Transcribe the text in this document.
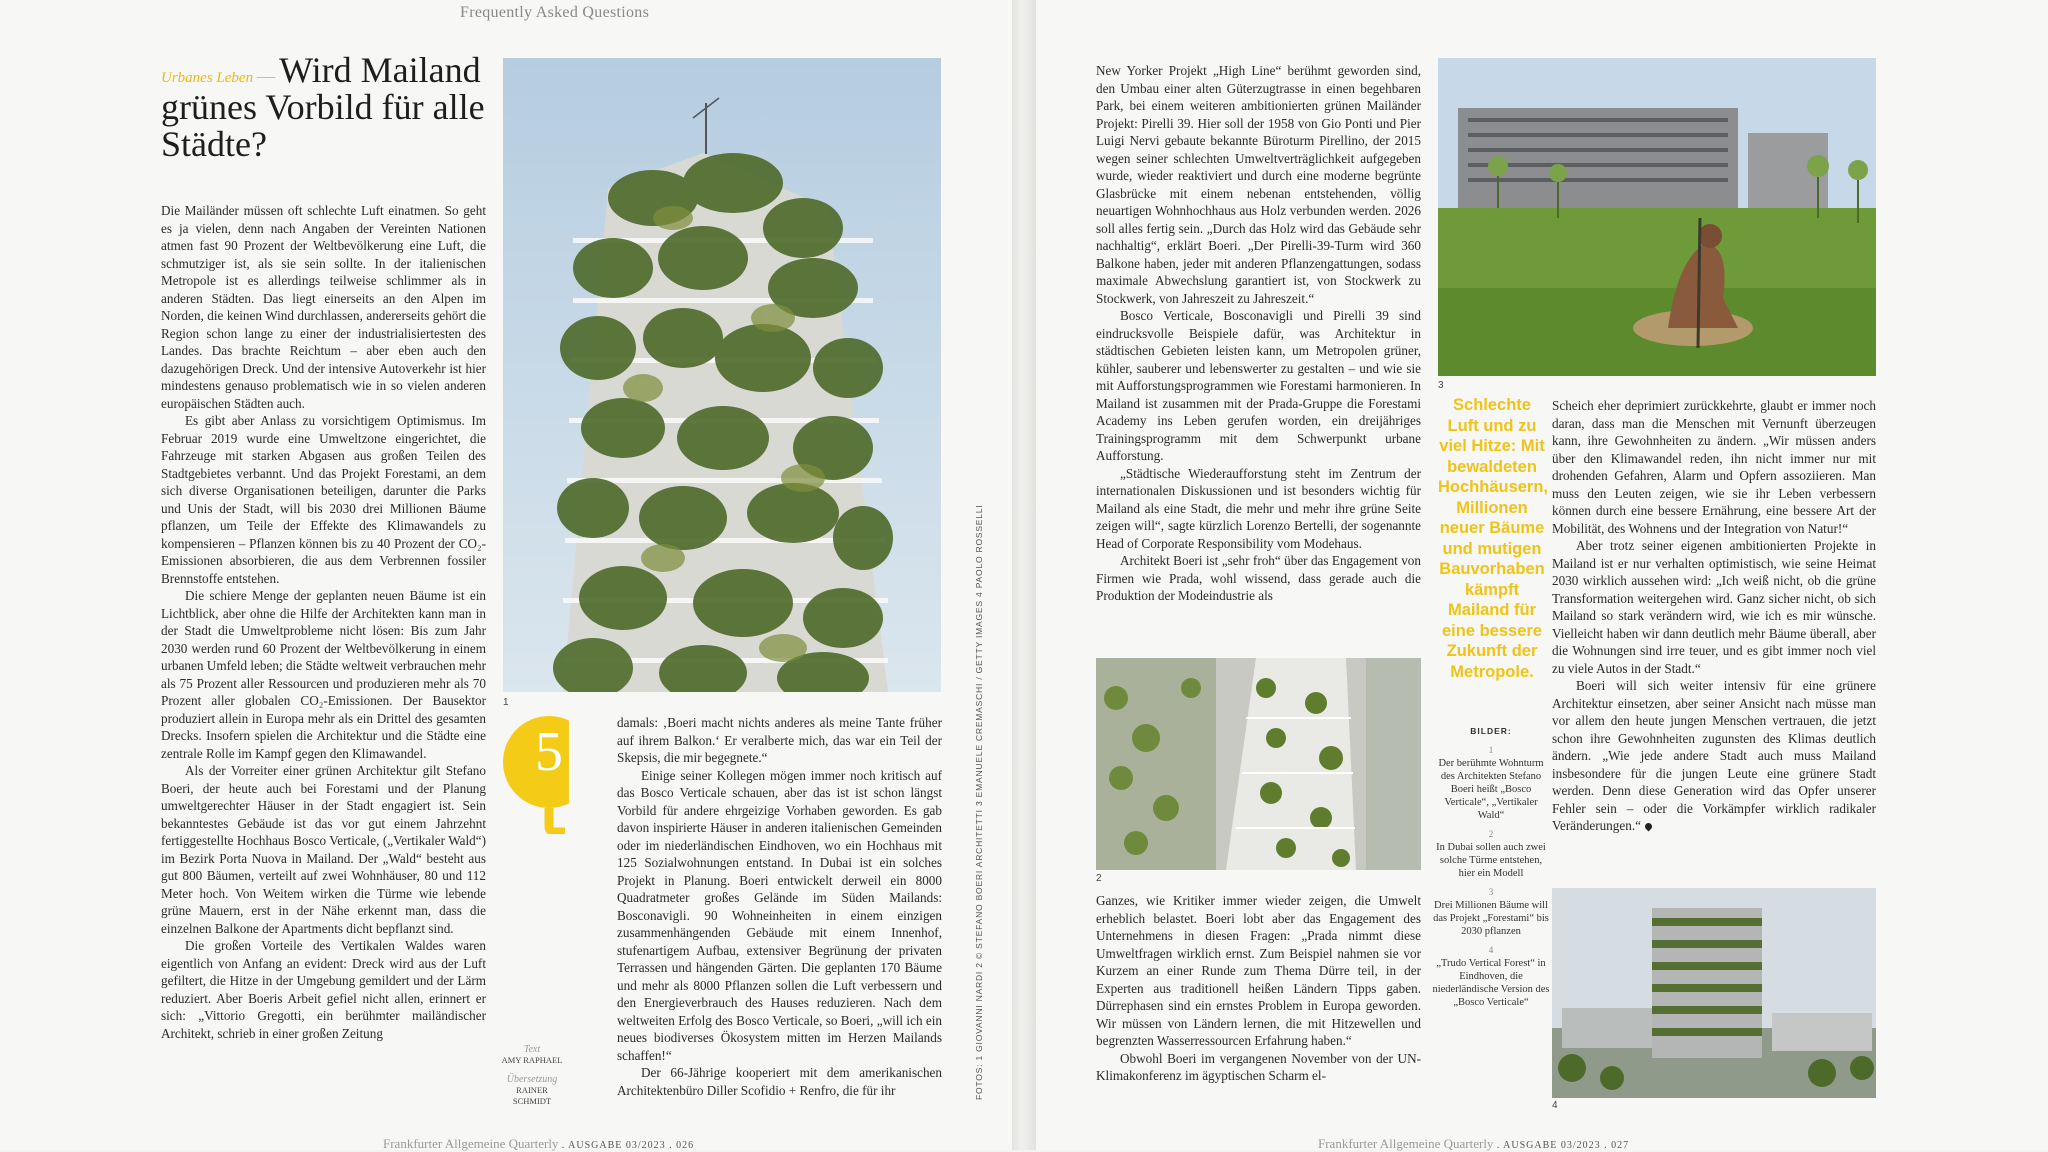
Frequently Asked Questions
Urbanes Leben — Wird Mailand grünes Vorbild für alle Städte?

Die Mailänder müssen oft schlechte Luft einatmen. So geht es ja vielen, denn nach Angaben der Vereinten Nationen atmen fast 90 Prozent der Weltbevölkerung eine Luft, die schmutziger ist, als sie sein sollte. In der italienischen Metropole ist es allerdings teilweise schlimmer als in anderen Städten. Das liegt einerseits an den Alpen im Norden, die keinen Wind durchlassen, andererseits gehört die Region schon lange zu einer der industrialisiertesten des Landes. Das brachte Reichtum – aber eben auch den dazugehörigen Dreck. Und der intensive Autoverkehr ist hier mindestens genauso problematisch wie in so vielen anderen europäischen Städten auch.

Es gibt aber Anlass zu vorsichtigem Optimismus. Im Februar 2019 wurde eine Umweltzone eingerichtet, die Fahrzeuge mit starken Abgasen aus großen Teilen des Stadtgebietes verbannt. Und das Projekt Forestami, an dem sich diverse Organisationen beteiligen, darunter die Parks und Unis der Stadt, will bis 2030 drei Millionen Bäume pflanzen, um Teile der Effekte des Klimawandels zu kompensieren – Pflanzen können bis zu 40 Prozent der CO₂-Emissionen absorbieren, die aus dem Verbrennen fossiler Brennstoffe entstehen.

Die schiere Menge der geplanten neuen Bäume ist ein Lichtblick, aber ohne die Hilfe der Architekten kann man in der Stadt die Umweltprobleme nicht lösen: Bis zum Jahr 2030 werden rund 60 Prozent der Weltbevölkerung in einem urbanen Umfeld leben; die Städte weltweit verbrauchen mehr als 75 Prozent aller Ressourcen und produzieren mehr als 70 Prozent aller globalen CO₂-Emissionen. Der Bausektor produziert allein in Europa mehr als ein Drittel des gesamten Drecks. Insofern spielen die Architektur und die Städte eine zentrale Rolle im Kampf gegen den Klimawandel.

Als der Vorreiter einer grünen Architektur gilt Stefano Boeri, der heute auch bei Forestami und der Planung umweltgerechter Häuser in der Stadt engagiert ist. Sein bekanntestes Gebäude ist das vor gut einem Jahrzehnt fertiggestellte Hochhaus Bosco Verticale, („Vertikaler Wald“) im Bezirk Porta Nuova in Mailand. Der „Wald“ besteht aus gut 800 Bäumen, verteilt auf zwei Wohnhäuser, 80 und 112 Meter hoch. Von Weitem wirken die Türme wie lebende grüne Mauern, erst in der Nähe erkennt man, dass die einzelnen Balkone der Apartments dicht bepflanzt sind.

Die großen Vorteile des Vertikalen Waldes waren eigentlich von Anfang an evident: Dreck wird aus der Luft gefiltert, die Hitze in der Umgebung gemildert und der Lärm reduziert. Aber Boeris Arbeit gefiel nicht allen, erinnert er sich: „Vittorio Gregotti, ein berühmter mailändischer Architekt, schrieb in einer großen Zeitung

1
5
Text
AMY RAPHAEL
Übersetzung
RAINER SCHMIDT

damals: ‚Boeri macht nichts anderes als meine Tante früher auf ihrem Balkon.‘ Er veralberte mich, das war ein Teil der Skepsis, die mir begegnete.“

Einige seiner Kollegen mögen immer noch kritisch auf das Bosco Verticale schauen, aber das ist ist schon längst Vorbild für andere ehrgeizige Vorhaben geworden. Es gab davon inspirierte Häuser in anderen italienischen Gemeinden oder im niederländischen Eindhoven, wo ein Hochhaus mit 125 Sozialwohnungen entstand. In Dubai ist ein solches Projekt in Planung. Boeri entwickelt derweil ein 8000 Quadratmeter großes Gelände im Süden Mailands: Bosconavigli. 90 Wohneinheiten in einem einzigen zusammenhängenden Gebäude mit einem Innenhof, stufenartigem Aufbau, extensiver Begrünung der privaten Terrassen und hängenden Gärten. Die geplanten 170 Bäume und mehr als 8000 Pflanzen sollen die Luft verbessern und den Energieverbrauch des Hauses reduzieren. Nach dem weltweiten Erfolg des Bosco Verticale, so Boeri, „will ich ein neues biodiverses Ökosystem mitten im Herzen Mailands schaffen!“

Der 66-Jährige kooperiert mit dem amerikanischen Architektenbüro Diller Scofidio + Renfro, die für ihr	FOTOS: 1 GIOVANNI NARDI 2 © STEFANO BOERI ARCHITETTI 3 EMANUELE CREMASCHI / GETTY IMAGES 4 PAOLO ROSSELLI
Frankfurter Allgemeine Quarterly . AUSGABE 03/2023 . 026

New Yorker Projekt „High Line“ berühmt geworden sind, den Umbau einer alten Güterzugtrasse in einen begehbaren Park, bei einem weiteren ambitionierten grünen Mailänder Projekt: Pirelli 39. Hier soll der 1958 von Gio Ponti und Pier Luigi Nervi gebaute bekannte Büroturm Pirellino, der 2015 wegen seiner schlechten Umweltverträglichkeit aufgegeben wurde, wieder reaktiviert und durch eine moderne begrünte Glasbrücke mit einem nebenan entstehenden, völlig neuartigen Wohnhochhaus aus Holz verbunden werden. 2026 soll alles fertig sein. „Durch das Holz wird das Gebäude sehr nachhaltig“, erklärt Boeri. „Der Pirelli-39-Turm wird 360 Balkone haben, jeder mit anderen Pflanzengattungen, sodass maximale Abwechslung garantiert ist, von Stockwerk zu Stockwerk, von Jahreszeit zu Jahreszeit.“

Bosco Verticale, Bosconavigli und Pirelli 39 sind eindrucksvolle Beispiele dafür, was Architektur in städtischen Gebieten leisten kann, um Metropolen grüner, kühler, sauberer und lebenswerter zu gestalten – und wie sie mit Aufforstungsprogrammen wie Forestami harmonieren. In Mailand ist zusammen mit der Prada-Gruppe die Forestami Academy ins Leben gerufen worden, ein dreijähriges Trainingsprogramm mit dem Schwerpunkt urbane Aufforstung.

„Städtische Wiederaufforstung steht im Zentrum der internationalen Diskussionen und ist besonders wichtig für Mailand als eine Stadt, die mehr und mehr ihre grüne Seite zeigen will“, sagte kürzlich Lorenzo Bertelli, der sogenannte Head of Corporate Responsibility vom Modehaus.

Architekt Boeri ist „sehr froh“ über das Engagement von Firmen wie Prada, wohl wissend, dass gerade auch die Produktion der Modeindustrie als

2

Ganzes, wie Kritiker immer wieder zeigen, die Umwelt erheblich belastet. Boeri lobt aber das Engagement des Unternehmens in diesen Fragen: „Prada nimmt diese Umweltfragen wirklich ernst. Zum Beispiel nahmen sie vor Kurzem an einer Runde zum Thema Dürre teil, in der Experten aus traditionell heißen Ländern Tipps gaben. Dürrephasen sind ein ernstes Problem in Europa geworden. Wir müssen von Ländern lernen, die mit Hitzewellen und begrenzten Wasserressourcen Erfahrung haben.“

Obwohl Boeri im vergangenen November von der UN-Klimakonferenz im ägyptischen Scharm el-

3
Schlechte Luft und zu viel Hitze: Mit bewaldeten Hochhäusern, Millionen neuer Bäume und mutigen Bauvorhaben kämpft Mailand für eine bessere Zukunft der Metropole.
BILDER:
1
Der berühmte Wohnturm des Architekten Stefano Boeri heißt „Bosco Verticale“, „Vertikaler Wald“
2
In Dubai sollen auch zwei solche Türme entstehen, hier ein Modell
3
Drei Millionen Bäume will das Projekt „Forestami“ bis 2030 pflanzen
4
„Trudo Vertical Forest“ in Eindhoven, die niederländische Version des „Bosco Verticale“

Scheich eher deprimiert zurückkehrte, glaubt er immer noch daran, dass man die Menschen mit Vernunft überzeugen kann, ihre Gewohnheiten zu ändern. „Wir müssen anders über den Klimawandel reden, ihn nicht immer nur mit drohenden Gefahren, Alarm und Opfern assoziieren. Man muss den Leuten zeigen, wie sie ihr Leben verbessern können durch eine bessere Ernährung, eine bessere Art der Mobilität, des Wohnens und der Integration von Natur!“

Aber trotz seiner eigenen ambitionierten Projekte in Mailand ist er nur verhalten optimistisch, wie seine Heimat 2030 wirklich aussehen wird: „Ich weiß nicht, ob die grüne Transformation weitergehen wird. Ganz sicher nicht, ob sich Mailand so stark verändern wird, wie ich es mir wünsche. Vielleicht haben wir dann deutlich mehr Bäume überall, aber die Wohnungen sind irre teuer, und es gibt immer noch viel zu viele Autos in der Stadt.“

Boeri will sich weiter intensiv für eine grünere Architektur einsetzen, aber seiner Ansicht nach müsse man vor allem den heute jungen Menschen vertrauen, die jetzt schon ihre Gewohnheiten zugunsten des Klimas deutlich ändern. „Wie jede andere Stadt auch muss Mailand insbesondere für die jungen Leute eine grünere Stadt werden. Denn diese Generation wird das Opfer unserer Fehler sein – oder die Vorkämpfer wirklich radikaler Veränderungen.“

4
Frankfurter Allgemeine Quarterly . AUSGABE 03/2023 . 027
